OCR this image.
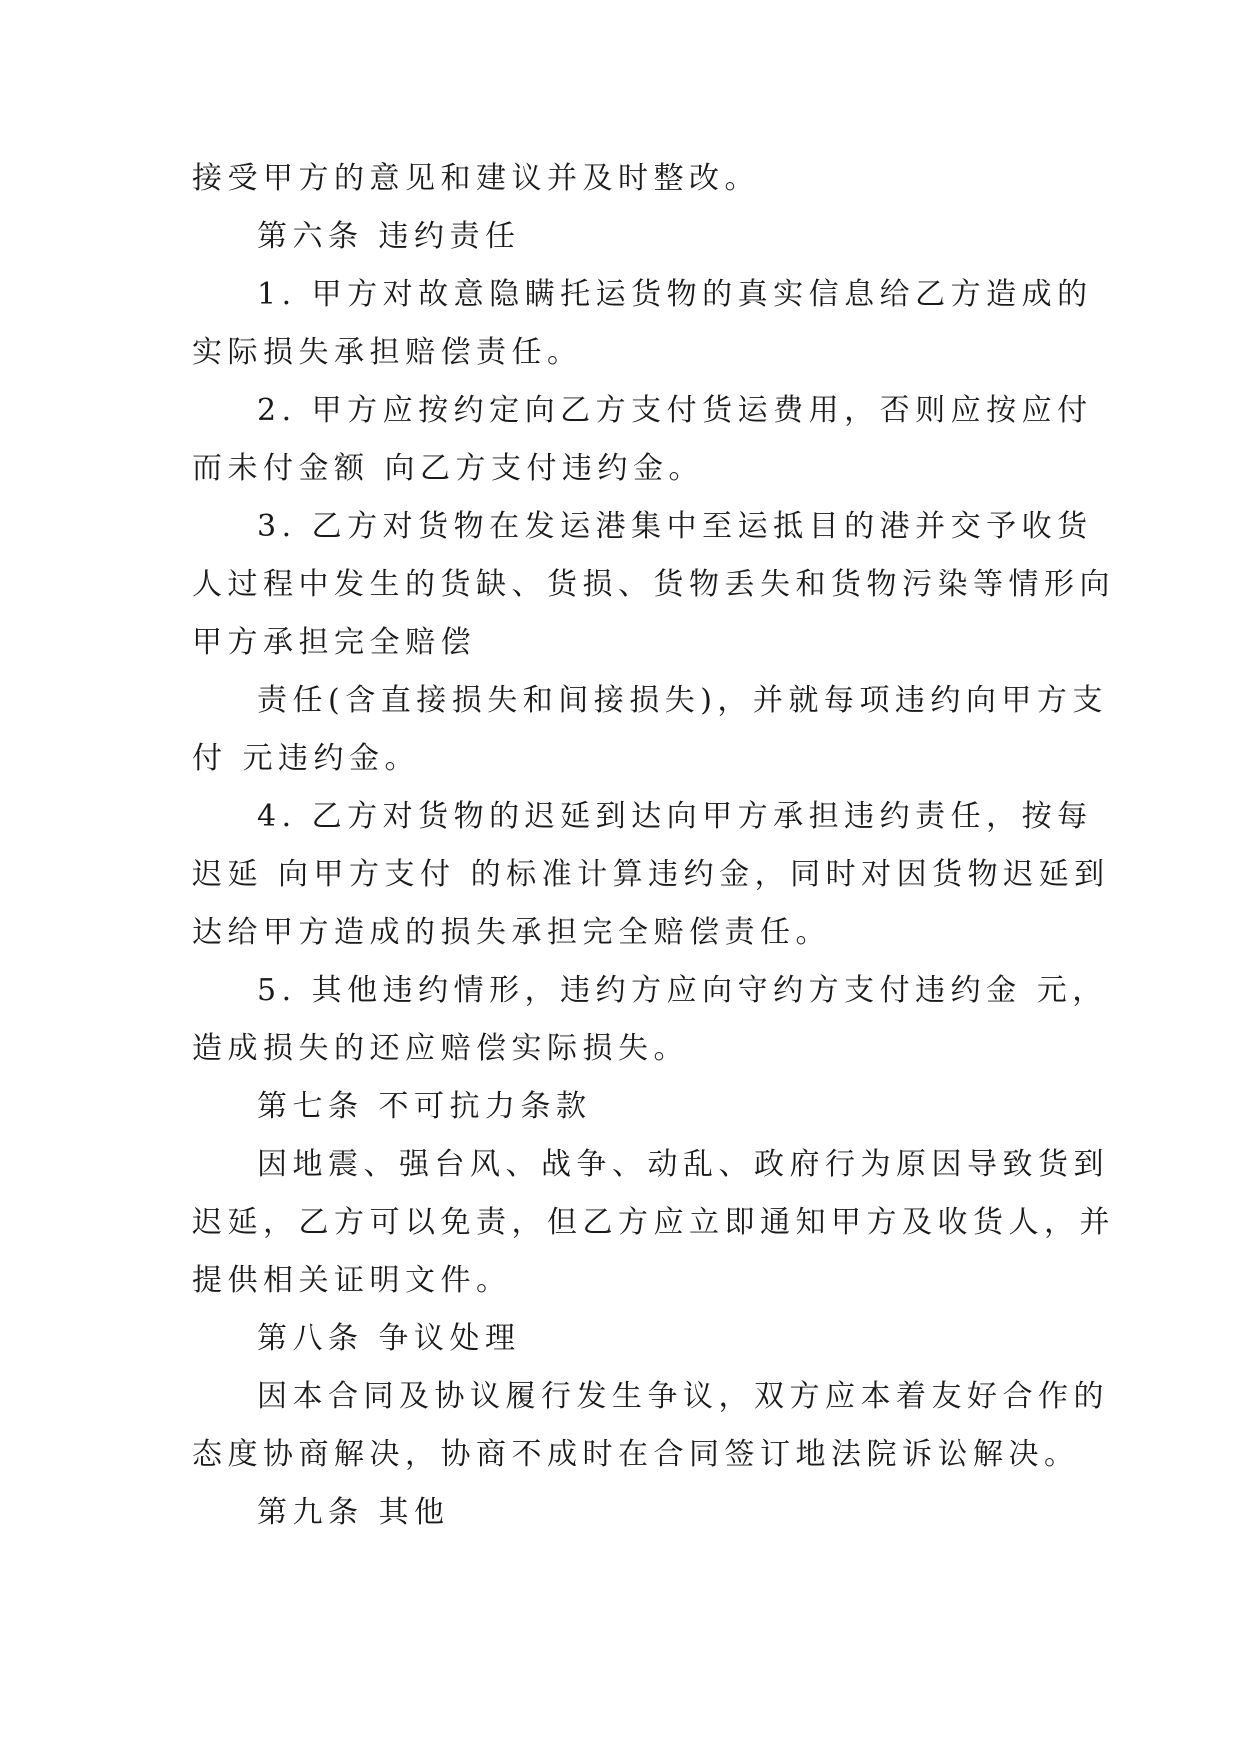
接受甲方的意见和建议并及时整改。
第六条 违约责任
1. 甲方对故意隐瞒托运货物的真实信息给乙方造成的
实际损失承担赔偿责任。
2. 甲方应按约定向乙方支付货运费用，否则应按应付
而未付金额 向乙方支付违约金。
3. 乙方对货物在发运港集中至运抵目的港并交予收货
人过程中发生的货缺、货损、货物丢失和货物污染等情形向
甲方承担完全赔偿
责任(含直接损失和间接损失)，并就每项违约向甲方支
付 元违约金。
4. 乙方对货物的迟延到达向甲方承担违约责任，按每
迟延 向甲方支付 的标准计算违约金，同时对因货物迟延到
达给甲方造成的损失承担完全赔偿责任。
5. 其他违约情形，违约方应向守约方支付违约金 元，
造成损失的还应赔偿实际损失。
第七条 不可抗力条款
因地震、强台风、战争、动乱、政府行为原因导致货到
迟延，乙方可以免责，但乙方应立即通知甲方及收货人，并
提供相关证明文件。
第八条 争议处理
因本合同及协议履行发生争议，双方应本着友好合作的
态度协商解决，协商不成时在合同签订地法院诉讼解决。
第九条 其他
